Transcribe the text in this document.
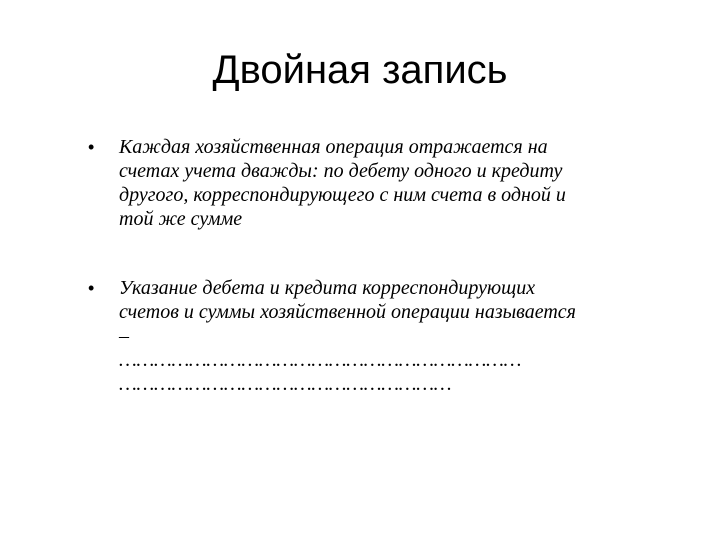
Двойная запись
• Каждая хозяйственная операция отражается на
счетах учета дважды: по дебету одного и кредиту
другого, корреспондирующего с ним счета в одной и
той же сумме
• Указание дебета и кредита корреспондирующих
счетов и суммы хозяйственной операции называется
–
……………………………………………………………
…………………………………………………
